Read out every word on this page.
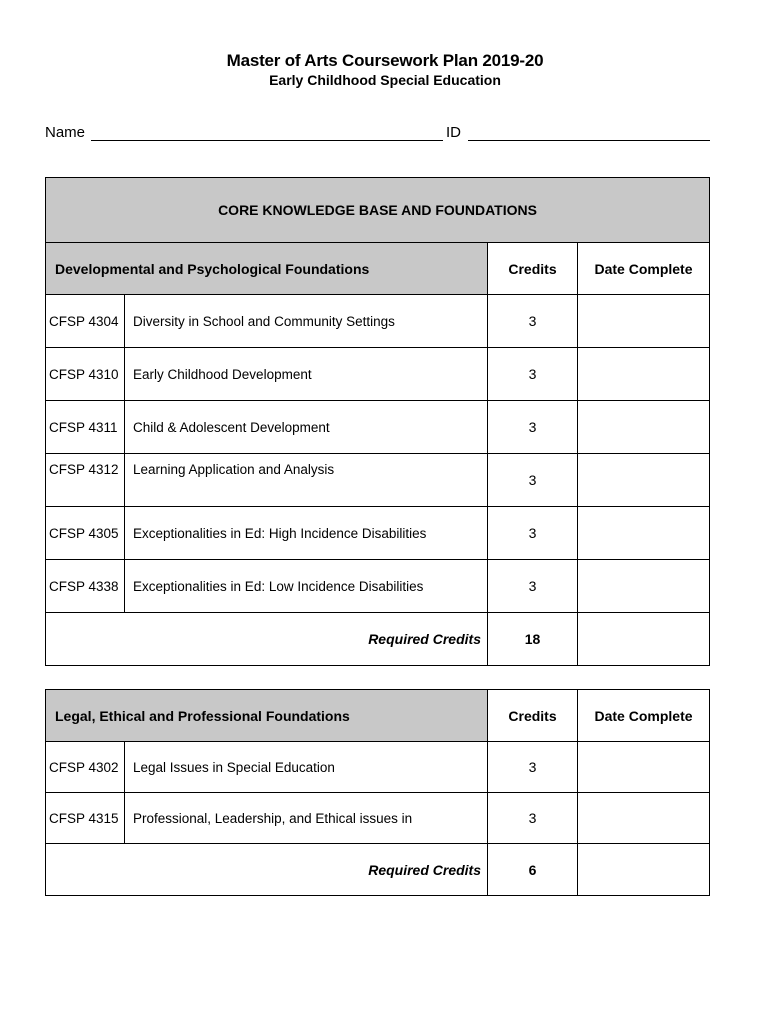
Master of Arts Coursework Plan 2019-20
Early Childhood Special Education
Name	ID
CORE KNOWLEDGE BASE AND FOUNDATIONS			
Developmental and Psychological Foundations		Credits	Date Complete
CFSP 4304	Diversity in School and Community Settings	3	
CFSP 4310	Early Childhood Development	3	
CFSP 4311	Child & Adolescent Development	3	
CFSP 4312	Learning Application and Analysis	3	
CFSP 4305	Exceptionalities in Ed: High Incidence Disabilities	3	
CFSP 4338	Exceptionalities in Ed: Low Incidence Disabilities	3	
Required Credits		18	
Legal, Ethical and Professional Foundations		Credits	Date Complete
CFSP 4302	Legal Issues in Special Education	3	
CFSP 4315	Professional, Leadership, and Ethical issues in	3	
Required Credits		6	
